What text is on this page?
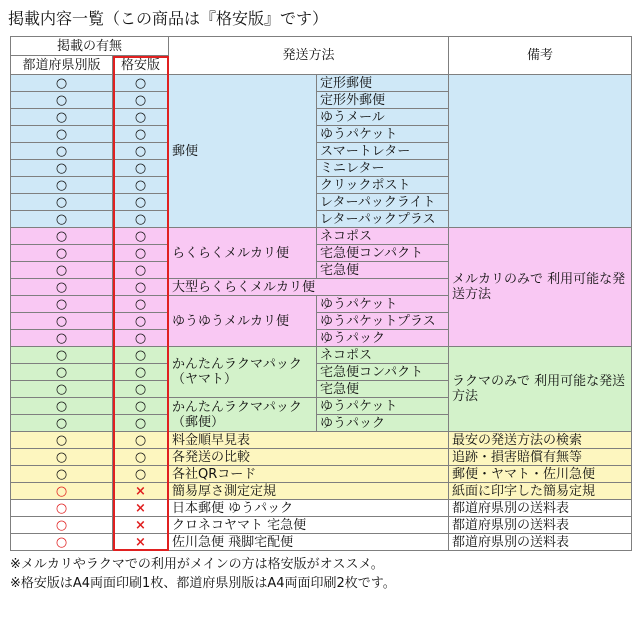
掲載内容一覧（この商品は『格安版』です）
掲載の有無		発送方法		備考
都道府県別版	格安版			
○	○	郵便	定形郵便	
○	○		定形外郵便	
○	○		ゆうメール	
○	○		ゆうパケット	
○	○		スマートレター	
○	○		ミニレター	
○	○		クリックポスト	
○	○		レターパックライト	
○	○		レターパックプラス	
○	○	らくらくメルカリ便	ネコポス	メルカリのみで 利用可能な発送方法
○	○		宅急便コンパクト	
○	○		宅急便	
○	○	大型らくらくメルカリ便		
○	○	ゆうゆうメルカリ便	ゆうパケット	
○	○		ゆうパケットプラス	
○	○		ゆうパック	
○	○	かんたんラクマパック （ヤマト）	ネコポス	ラクマのみで 利用可能な発送方法
○	○		宅急便コンパクト	
○	○		宅急便	
○	○	かんたんラクマパック （郵便）	ゆうパケット	
○	○		ゆうパック	
○	○	料金順早見表		最安の発送方法の検索
○	○	各発送の比較		追跡・損害賠償有無等
○	○	各社QRコード		郵便・ヤマト・佐川急便
○	×	簡易厚さ測定定規		紙面に印字した簡易定規
○	×	日本郵便 ゆうパック		都道府県別の送料表
○	×	クロネコヤマト 宅急便		都道府県別の送料表
○	×	佐川急便 飛脚宅配便		都道府県別の送料表
※メルカリやラクマでの利用がメインの方は格安版がオススメ。
※格安版はA4両面印刷1枚、都道府県別版はA4両面印刷2枚です。
